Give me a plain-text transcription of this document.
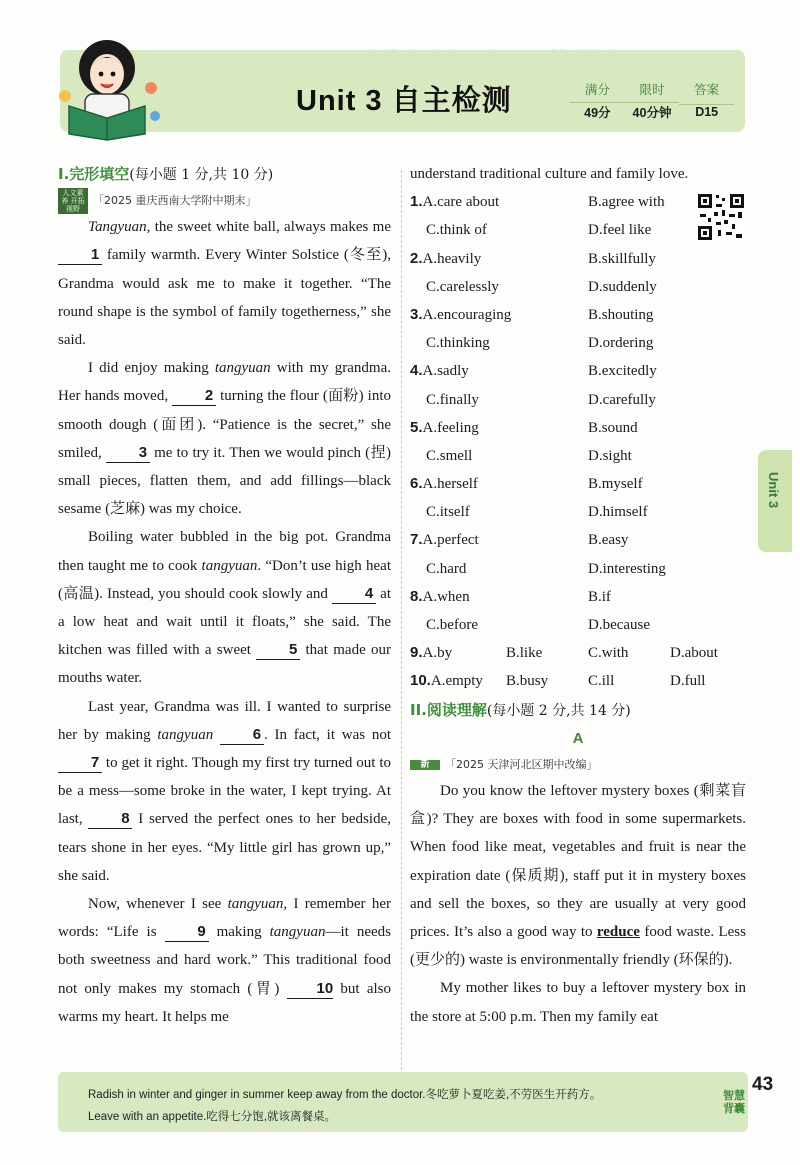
Unit 3 自主检测	满分	限时	答案
49分	40分钟	D15
I.完形填空(每小题 1 分,共 10 分)
人文素养 开拓视野
「2025 重庆西南大学附中期末」

Tangyuan, the sweet white ball, always makes me 1 family warmth. Every Winter Solstice (冬至), Grandma would ask me to make it together. “The round shape is the symbol of family togetherness,” she said.

I did enjoy making tangyuan with my grandma. Her hands moved, 2 turning the flour (面粉) into smooth dough (面团). “Patience is the secret,” she smiled, 3 me to try it. Then we would pinch (捏) small pieces, flatten them, and add fillings—black sesame (芝麻) was my choice.

Boiling water bubbled in the big pot. Grandma then taught me to cook tangyuan. “Don’t use high heat (高温). Instead, you should cook slowly and 4 at a low heat and wait until it floats,” she said. The kitchen was filled with a sweet 5 that made our mouths water.

Last year, Grandma was ill. I wanted to surprise her by making tangyuan	6 . In fact, it was not 7 to get it right. Though my first try turned out to be a mess—some broke in the water, I kept trying. At last, 8 I served the perfect ones to her bedside, tears shone in her eyes. “My little girl has grown up,” she said.

Now, whenever I see tangyuan, I remember her words: “Life is 9 making tangyuan—it needs both sweetness and hard work.” This traditional food not only makes my stomach (胃) 10 but also warms my heart. It helps me

understand traditional culture and family love.

1.A.care about	B.agree with
C.think of	D.feel like
2.A.heavily	B.skillfully
C.carelessly	D.suddenly
3.A.encouraging	B.shouting
C.thinking	D.ordering
4.A.sadly	B.excitedly
C.finally	D.carefully
5.A.feeling	B.sound
C.smell	D.sight
6.A.herself	B.myself
C.itself	D.himself
7.A.perfect	B.easy
C.hard	D.interesting
8.A.when	B.if
C.before	D.because
9.A.by	B.like	C.with	D.about
10.A.empty	B.busy	C.ill	D.full
II.阅读理解(每小题 2 分,共 14 分)
A
新	「2025 天津河北区期中改编」

Do you know the leftover mystery boxes (剩菜盲盒)? They are boxes with food in some supermarkets. When food like meat, vegetables and fruit is near the expiration date (保质期), staff put it in mystery boxes and sell the boxes, so they are usually at very good prices. It’s also a good way to reduce food waste. Less (更少的) waste is environmentally friendly (环保的).

My mother likes to buy a leftover mystery box in the store at 5:00 p.m. Then my family eat

Unit 3
Radish in winter and ginger in summer keep away from the doctor.冬吃萝卜夏吃姜,不劳医生开药方。
Leave with an appetite.吃得七分饱,就该离餐桌。
智慧背囊
43
